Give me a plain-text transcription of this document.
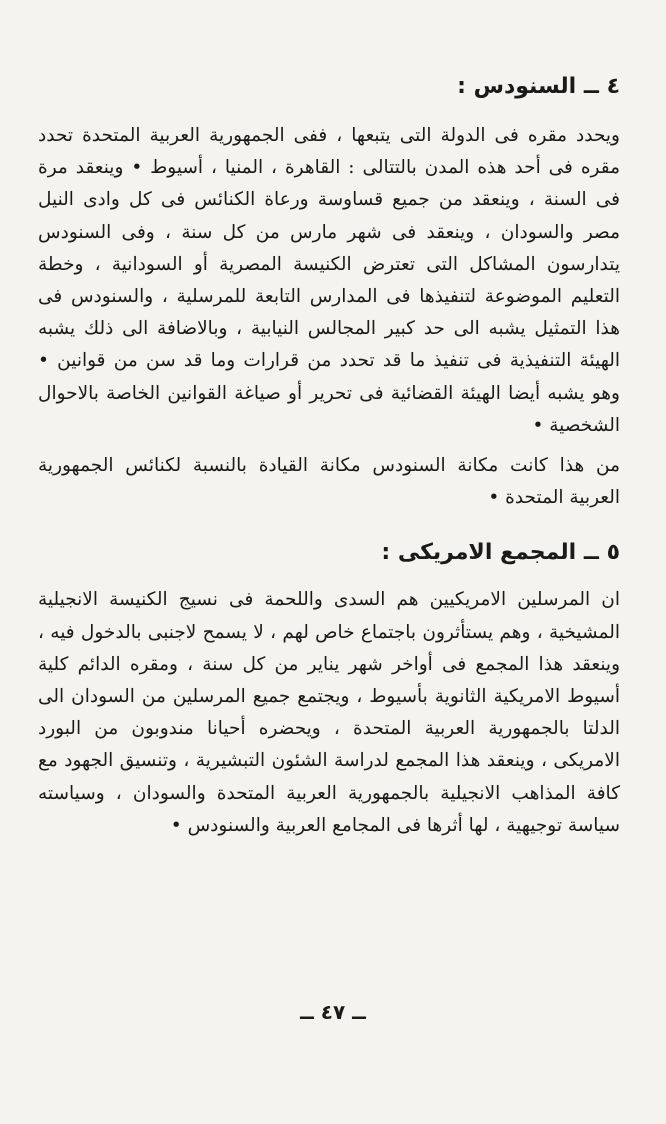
٤ ــ السنودس :

ويحدد مقره فى الدولة التى يتبعها ، ففى الجمهورية العربية المتحدة تحدد مقره فى أحد هذه المدن بالتتالى : القاهرة ، المنيا ، أسيوط • وينعقد مرة فى السنة ، وينعقد من جميع قساوسة ورعاة الكنائس فى كل وادى النيل مصر والسودان ، وينعقد فى شهر مارس من كل سنة ، وفى السنودس يتدارسون المشاكل التى تعترض الكنيسة المصرية أو السودانية ، وخطة التعليم الموضوعة لتنفيذها فى المدارس التابعة للمرسلية ، والسنودس فى هذا التمثيل يشبه الى حد كبير المجالس النيابية ، وبالاضافة الى ذلك يشبه الهيئة التنفيذية فى تنفيذ ما قد تحدد من قرارات وما قد سن من قوانين • وهو يشبه أيضا الهيئة القضائية فى تحرير أو صياغة القوانين الخاصة بالاحوال الشخصية •

من هذا كانت مكانة السنودس مكانة القيادة بالنسبة لكنائس الجمهورية العربية المتحدة •

٥ ــ المجمع الامريكى :

ان المرسلين الامريكيين هم السدى واللحمة فى نسيج الكنيسة الانجيلية المشيخية ، وهم يستأثرون باجتماع خاص لهم ، لا يسمح لاجنبى بالدخول فيه ، وينعقد هذا المجمع فى أواخر شهر يناير من كل سنة ، ومقره الدائم كلية أسيوط الامريكية الثانوية بأسيوط ، ويجتمع جميع المرسلين من السودان الى الدلتا بالجمهورية العربية المتحدة ، ويحضره أحيانا مندوبون من البورد الامريكى ، وينعقد هذا المجمع لدراسة الشئون التبشيرية ، وتنسيق الجهود مع كافة المذاهب الانجيلية بالجمهورية العربية المتحدة والسودان ، وسياسته سياسة توجيهية ، لها أثرها فى المجامع العربية والسنودس •

ــ ٤٧ ــ
